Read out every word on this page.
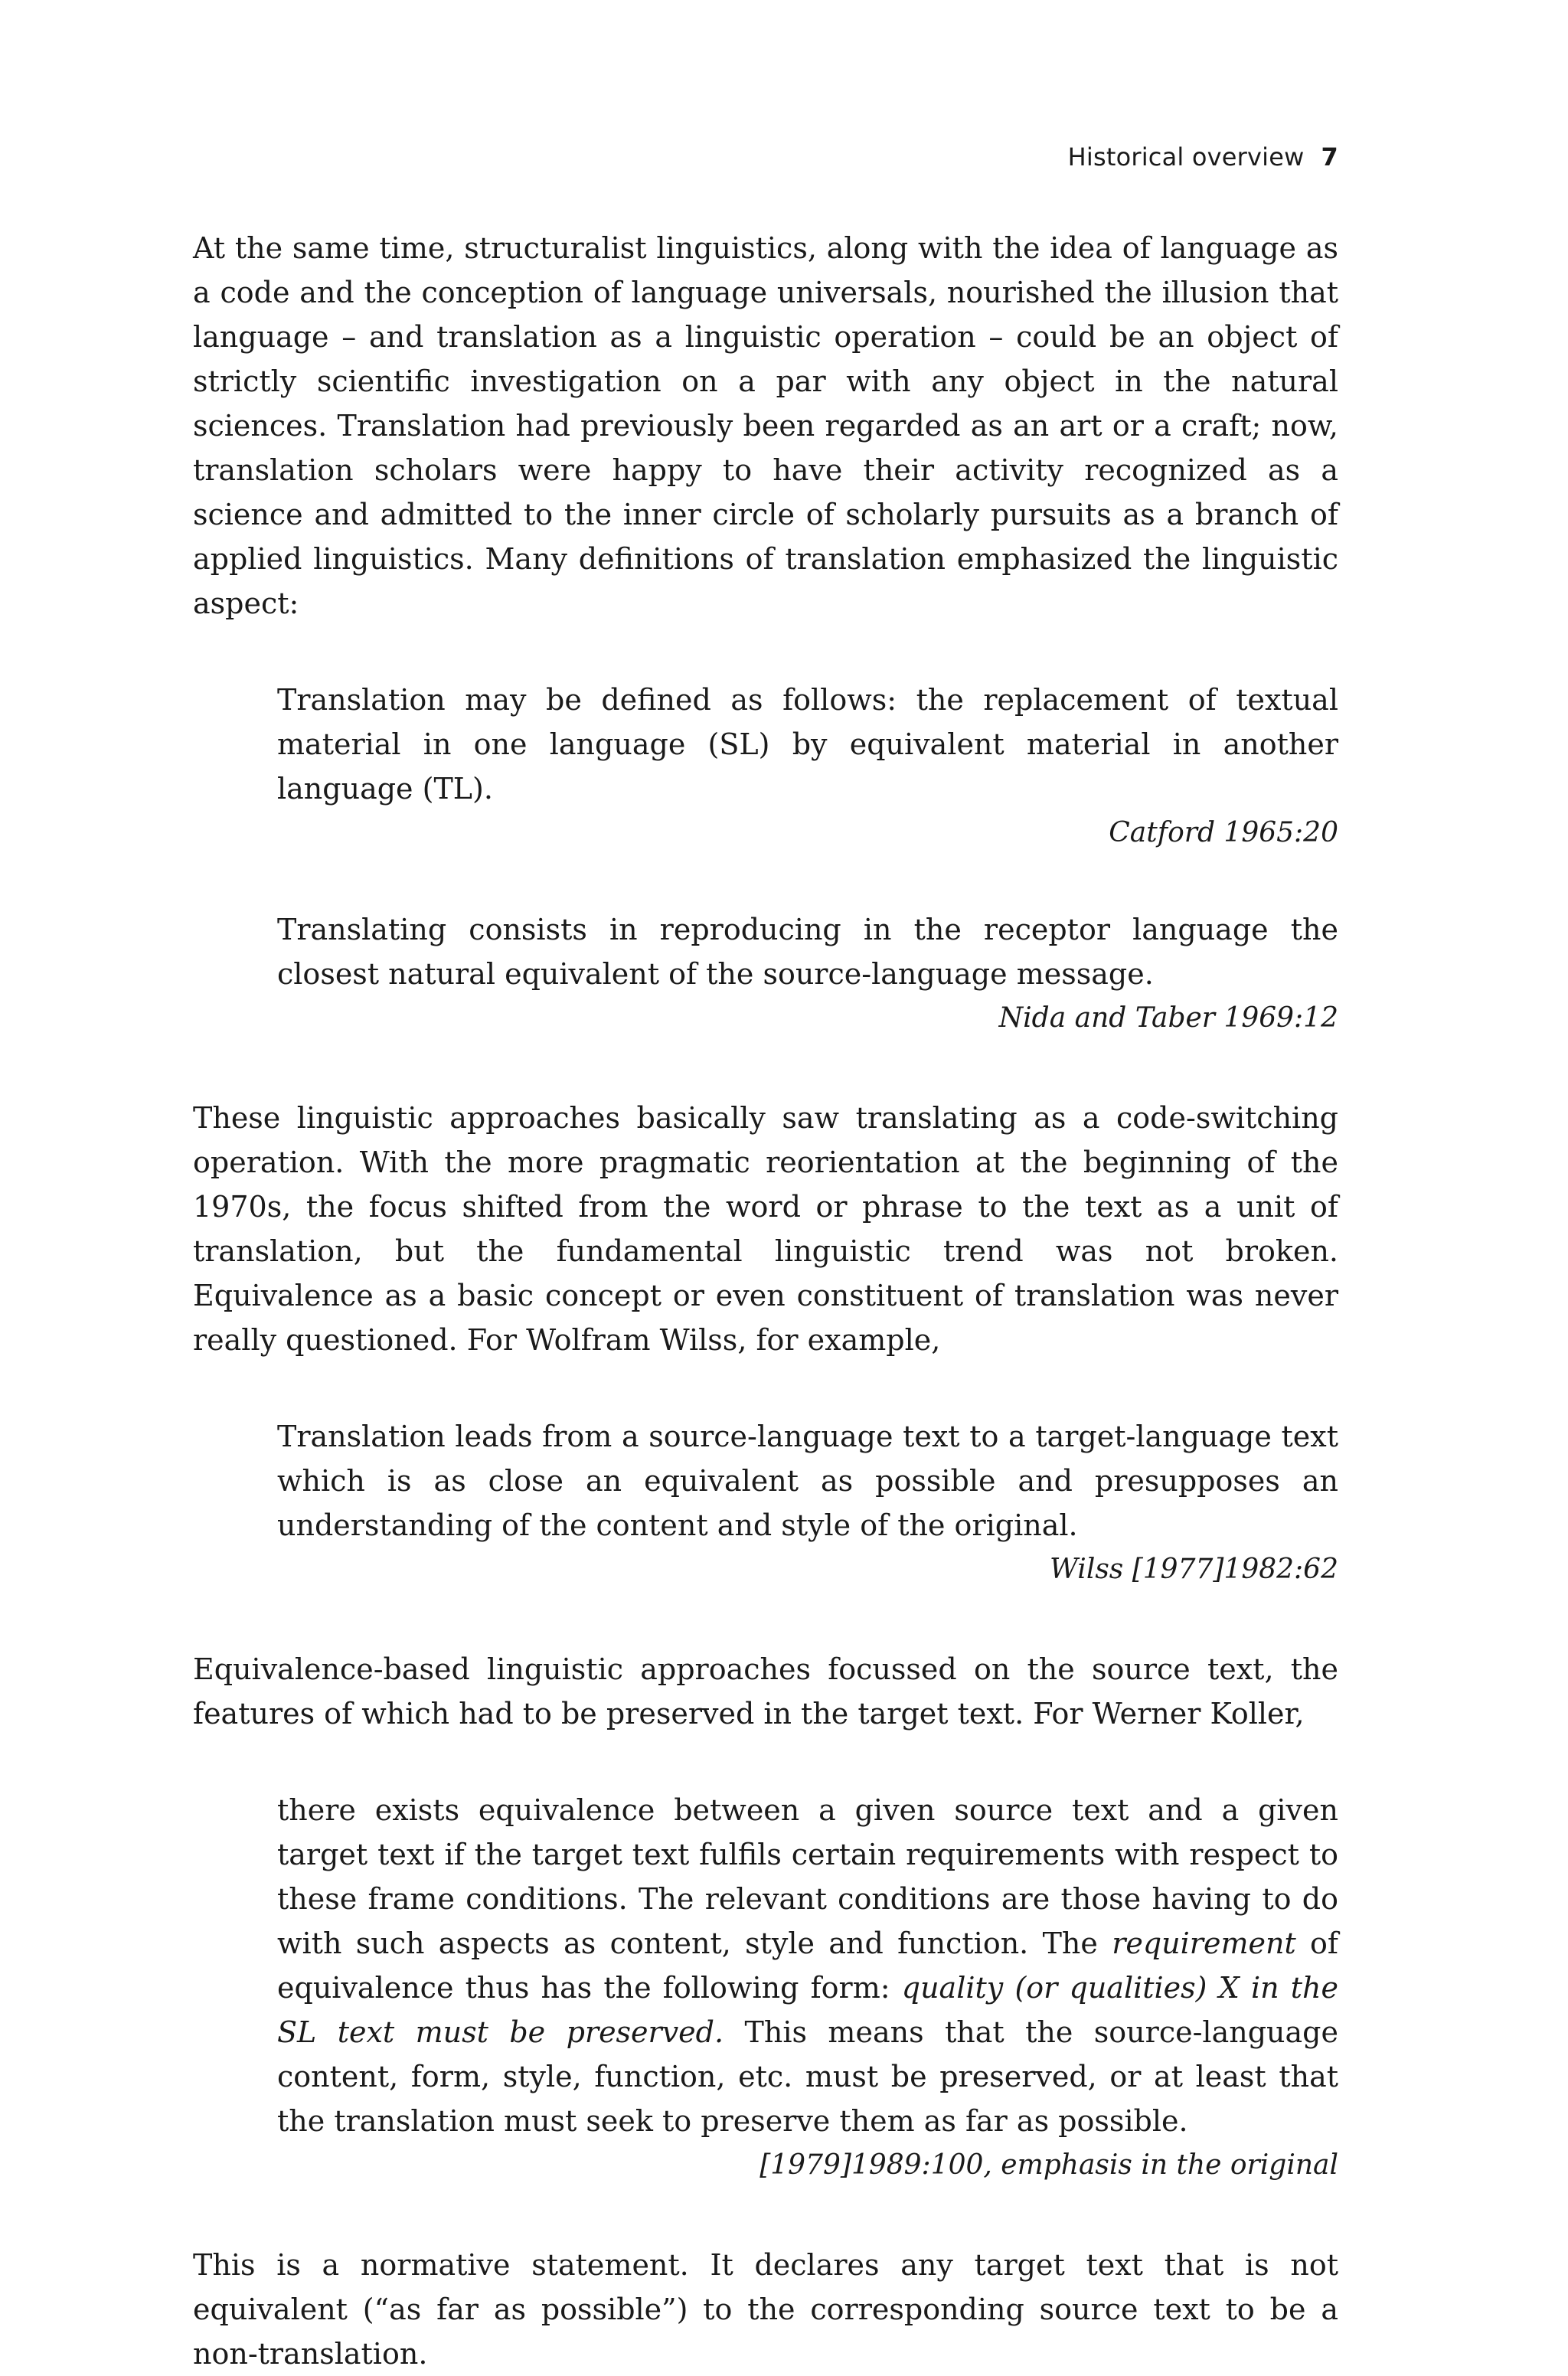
Historical overview 7

At the same time, structuralist linguistics, along with the idea of language as a code and the conception of language universals, nourished the illusion that language – and translation as a linguistic operation – could be an object of strictly scientific investigation on a par with any object in the natural sciences. Translation had previously been regarded as an art or a craft; now, translation scholars were happy to have their activity recognized as a science and admitted to the inner circle of scholarly pursuits as a branch of applied linguistics. Many definitions of translation emphasized the linguistic aspect:

Translation may be defined as follows: the replacement of textual material in one language (SL) by equivalent material in another language (TL).
Catford 1965:20
Translating consists in reproducing in the receptor language the closest natural equivalent of the source-language message.
Nida and Taber 1969:12

These linguistic approaches basically saw translating as a code-switching operation. With the more pragmatic reorientation at the beginning of the 1970s, the focus shifted from the word or phrase to the text as a unit of translation, but the fundamental linguistic trend was not broken. Equivalence as a basic concept or even constituent of translation was never really questioned. For Wolfram Wilss, for example,

Translation leads from a source-language text to a target-language text which is as close an equivalent as possible and presupposes an understanding of the content and style of the original.
Wilss [1977]1982:62

Equivalence-based linguistic approaches focussed on the source text, the features of which had to be preserved in the target text. For Werner Koller,

there exists equivalence between a given source text and a given target text if the target text fulfils certain requirements with respect to these frame conditions. The relevant conditions are those having to do with such aspects as content, style and function. The requirement of equivalence thus has the following form: quality (or qualities) X in the SL text must be preserved. This means that the source-language content, form, style, function, etc. must be preserved, or at least that the translation must seek to preserve them as far as possible.
[1979]1989:100, emphasis in the original

This is a normative statement. It declares any target text that is not equivalent (“as far as possible”) to the corresponding source text to be a non-translation.
